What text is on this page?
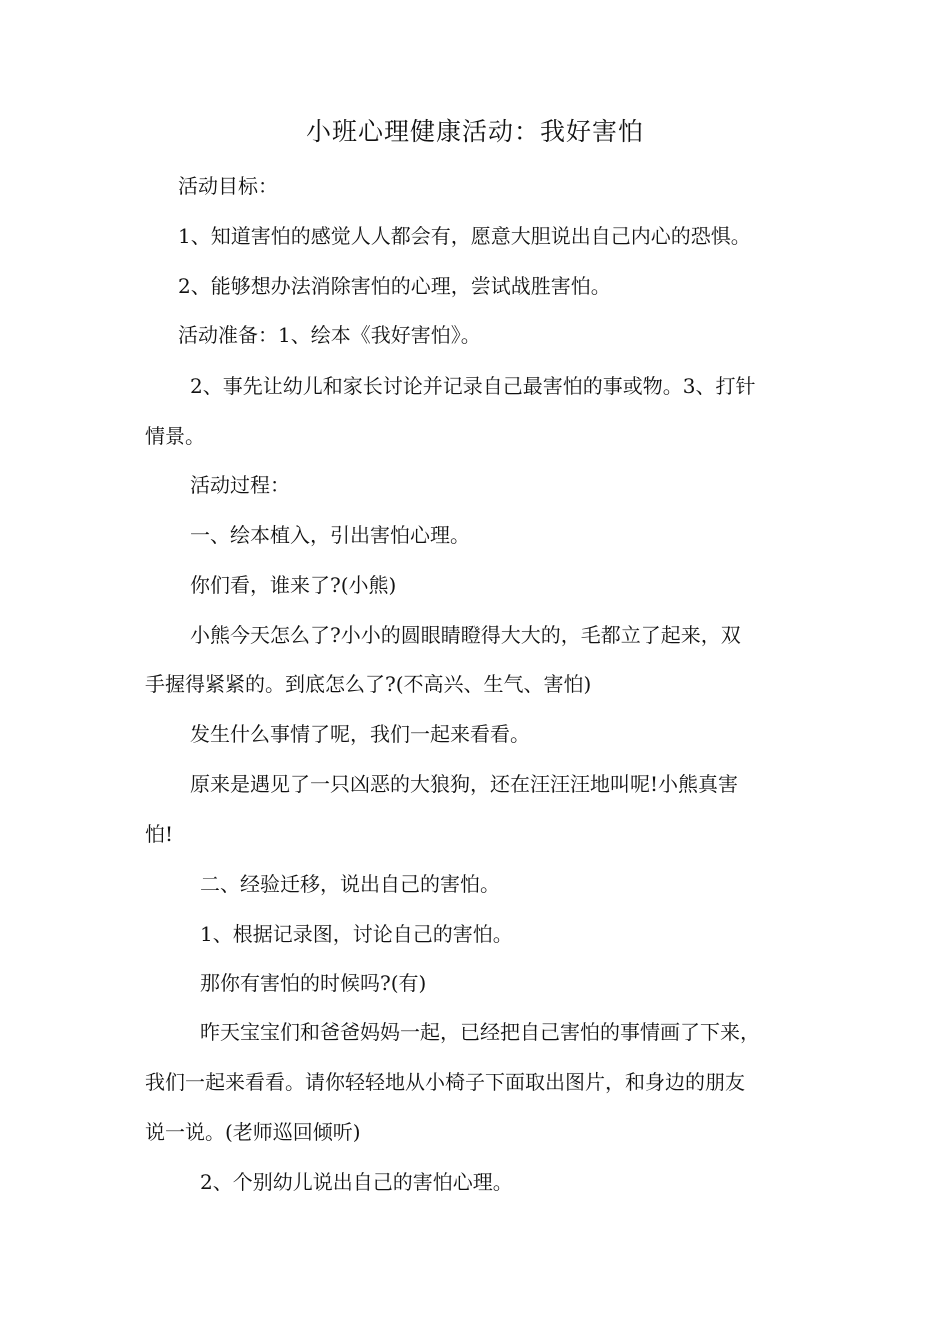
小班心理健康活动：我好害怕

活动目标：

1、知道害怕的感觉人人都会有，愿意大胆说出自己内心的恐惧。

2、能够想办法消除害怕的心理，尝试战胜害怕。

活动准备：1、绘本《我好害怕》。

2、事先让幼儿和家长讨论并记录自己最害怕的事或物。3、打针

情景。

活动过程：

一、绘本植入，引出害怕心理。

你们看，谁来了?(小熊)

小熊今天怎么了?小小的圆眼睛瞪得大大的，毛都立了起来，双

手握得紧紧的。到底怎么了?(不高兴、生气、害怕)

发生什么事情了呢，我们一起来看看。

原来是遇见了一只凶恶的大狼狗，还在汪汪汪地叫呢!小熊真害

怕!

二、经验迁移，说出自己的害怕。

1、根据记录图，讨论自己的害怕。

那你有害怕的时候吗?(有)

昨天宝宝们和爸爸妈妈一起，已经把自己害怕的事情画了下来，

我们一起来看看。请你轻轻地从小椅子下面取出图片，和身边的朋友

说一说。(老师巡回倾听)

2、个别幼儿说出自己的害怕心理。
